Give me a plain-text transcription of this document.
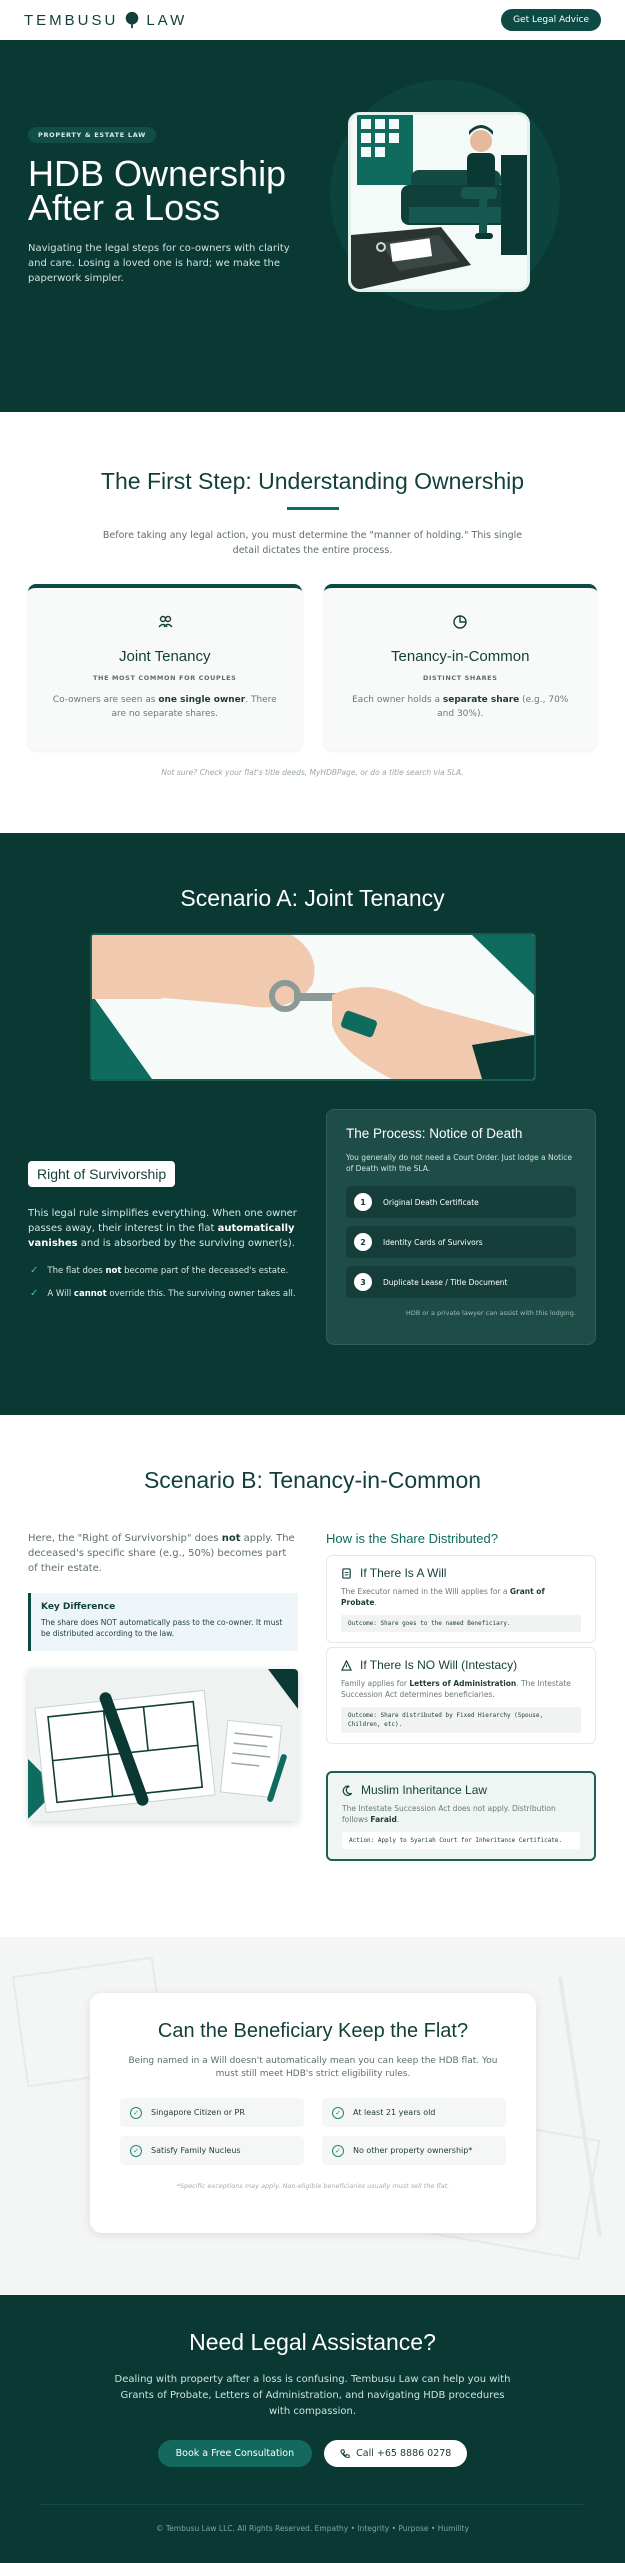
TEMBUSU LAW	Get Legal Advice
PROPERTY & ESTATE LAW
HDB Ownership After a Loss

Navigating the legal steps for co-owners with clarity and care. Losing a loved one is hard; we make the paperwork simpler.

The First Step: Understanding Ownership

Before taking any legal action, you must determine the "manner of holding." This single detail dictates the entire process.

Joint Tenancy
THE MOST COMMON FOR COUPLES
Co-owners are seen as one single owner. There are no separate shares.
Tenancy-in-Common
DISTINCT SHARES
Each owner holds a separate share (e.g., 70% and 30%).

Not sure? Check your flat's title deeds, MyHDBPage, or do a title search via SLA.

Scenario A: Joint Tenancy
Right of Survivorship
This legal rule simplifies everything. When one owner passes away, their interest in the flat automatically vanishes and is absorbed by the surviving owner(s).
✓ The flat does not become part of the deceased's estate.
✓ A Will cannot override this. The surviving owner takes all.
The Process: Notice of Death

You generally do not need a Court Order. Just lodge a Notice of Death with the SLA.

1	Original Death Certificate
2	Identity Cards of Survivors
3	Duplicate Lease / Title Document

HDB or a private lawyer can assist with this lodging.

Scenario B: Tenancy-in-Common
Here, the "Right of Survivorship" does not apply. The deceased's specific share (e.g., 50%) becomes part of their estate.
Key Difference

The share does NOT automatically pass to the co-owner. It must be distributed according to the law.

How is the Share Distributed?
If There Is A Will

The Executor named in the Will applies for a Grant of Probate.

Outcome: Share goes to the named Beneficiary.
If There Is NO Will (Intestacy)

Family applies for Letters of Administration. The Intestate Succession Act determines beneficiaries.

Outcome: Share distributed by Fixed Hierarchy (Spouse, Children, etc).
Muslim Inheritance Law

The Intestate Succession Act does not apply. Distribution follows Faraid.

Action: Apply to Syariah Court for Inheritance Certificate.
Can the Beneficiary Keep the Flat?

Being named in a Will doesn't automatically mean you can keep the HDB flat. You must still meet HDB's strict eligibility rules.

✓	Singapore Citizen or PR	✓	At least 21 years old
✓	Satisfy Family Nucleus	✓	No other property ownership*

*Specific exceptions may apply. Non-eligible beneficiaries usually must sell the flat.

Need Legal Assistance?

Dealing with property after a loss is confusing. Tembusu Law can help you with Grants of Probate, Letters of Administration, and navigating HDB procedures with compassion.

Book a Free Consultation	Call +65 8886 0278
© Tembusu Law LLC. All Rights Reserved. Empathy • Integrity • Purpose • Humility
